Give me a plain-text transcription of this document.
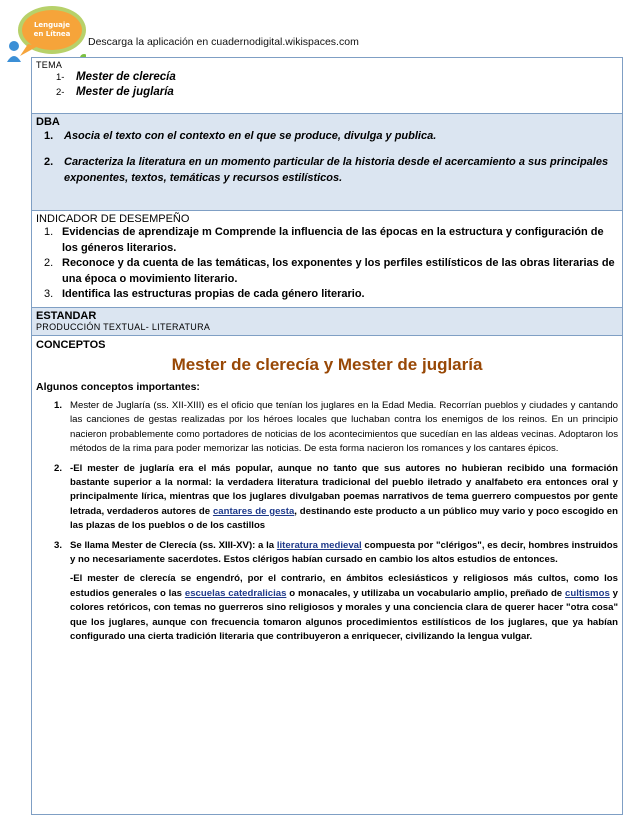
Lenguaje
en Lítnea
Descarga la aplicación en cuadernodigital.wikispaces.com
TEMA
1- Mester de clerecía
2- Mester de juglaría
DBA
1. Asocia el texto con el contexto en el que se produce, divulga y publica.
2. Caracteriza la literatura en un momento particular de la historia desde el acercamiento a sus principales exponentes, textos, temáticas y recursos estilísticos.
INDICADOR DE DESEMPEÑO
1. Evidencias de aprendizaje m Comprende la influencia de las épocas en la estructura y configuración de los géneros literarios.
2. Reconoce y da cuenta de las temáticas, los exponentes y los perfiles estilísticos de las obras literarias de una época o movimiento literario.
3. Identifica las estructuras propias de cada género literario.
ESTANDAR
PRODUCCIÓN TEXTUAL- LITERATURA
CONCEPTOS
Mester de clerecía y Mester de juglaría
Algunos conceptos importantes:
1. Mester de Juglaría (ss. XII-XIII) es el oficio que tenían los juglares en la Edad Media. Recorrían pueblos y ciudades y cantando las canciones de gestas realizadas por los héroes locales que luchaban contra los enemigos de los reinos. En un principio nacieron probablemente como portadores de noticias de los acontecimientos que sucedían en las aldeas vecinas. Adoptaron los métodos de la rima para poder memorizar las noticias. De esta forma nacieron los romances y los cantares épicos.
2. -El mester de juglaría era el más popular, aunque no tanto que sus autores no hubieran recibido una formación bastante superior a la normal: la verdadera literatura tradicional del pueblo iletrado y analfabeto era entonces oral y principalmente lírica, mientras que los juglares divulgaban poemas narrativos de tema guerrero compuestos por gente letrada, verdaderos autores de cantares de gesta, destinando este producto a un público muy vario y poco escogido en las plazas de los pueblos o de los castillos
3. Se llama Mester de Clerecía (ss. XIII-XV): a la literatura medieval compuesta por "clérigos", es decir, hombres instruidos y no necesariamente sacerdotes. Estos clérigos habían cursado en cambio los altos estudios de entonces.
-El mester de clerecía se engendró, por el contrario, en ámbitos eclesiásticos y religiosos más cultos, como los estudios generales o las escuelas catedralicias o monacales, y utilizaba un vocabulario amplio, preñado de cultismos y colores retóricos, con temas no guerreros sino religiosos y morales y una conciencia clara de querer hacer "otra cosa" que los juglares, aunque con frecuencia tomaron algunos procedimientos estilísticos de los juglares, que ya habían configurado una cierta tradición literaria que contribuyeron a enriquecer, civilizando la lengua vulgar.
